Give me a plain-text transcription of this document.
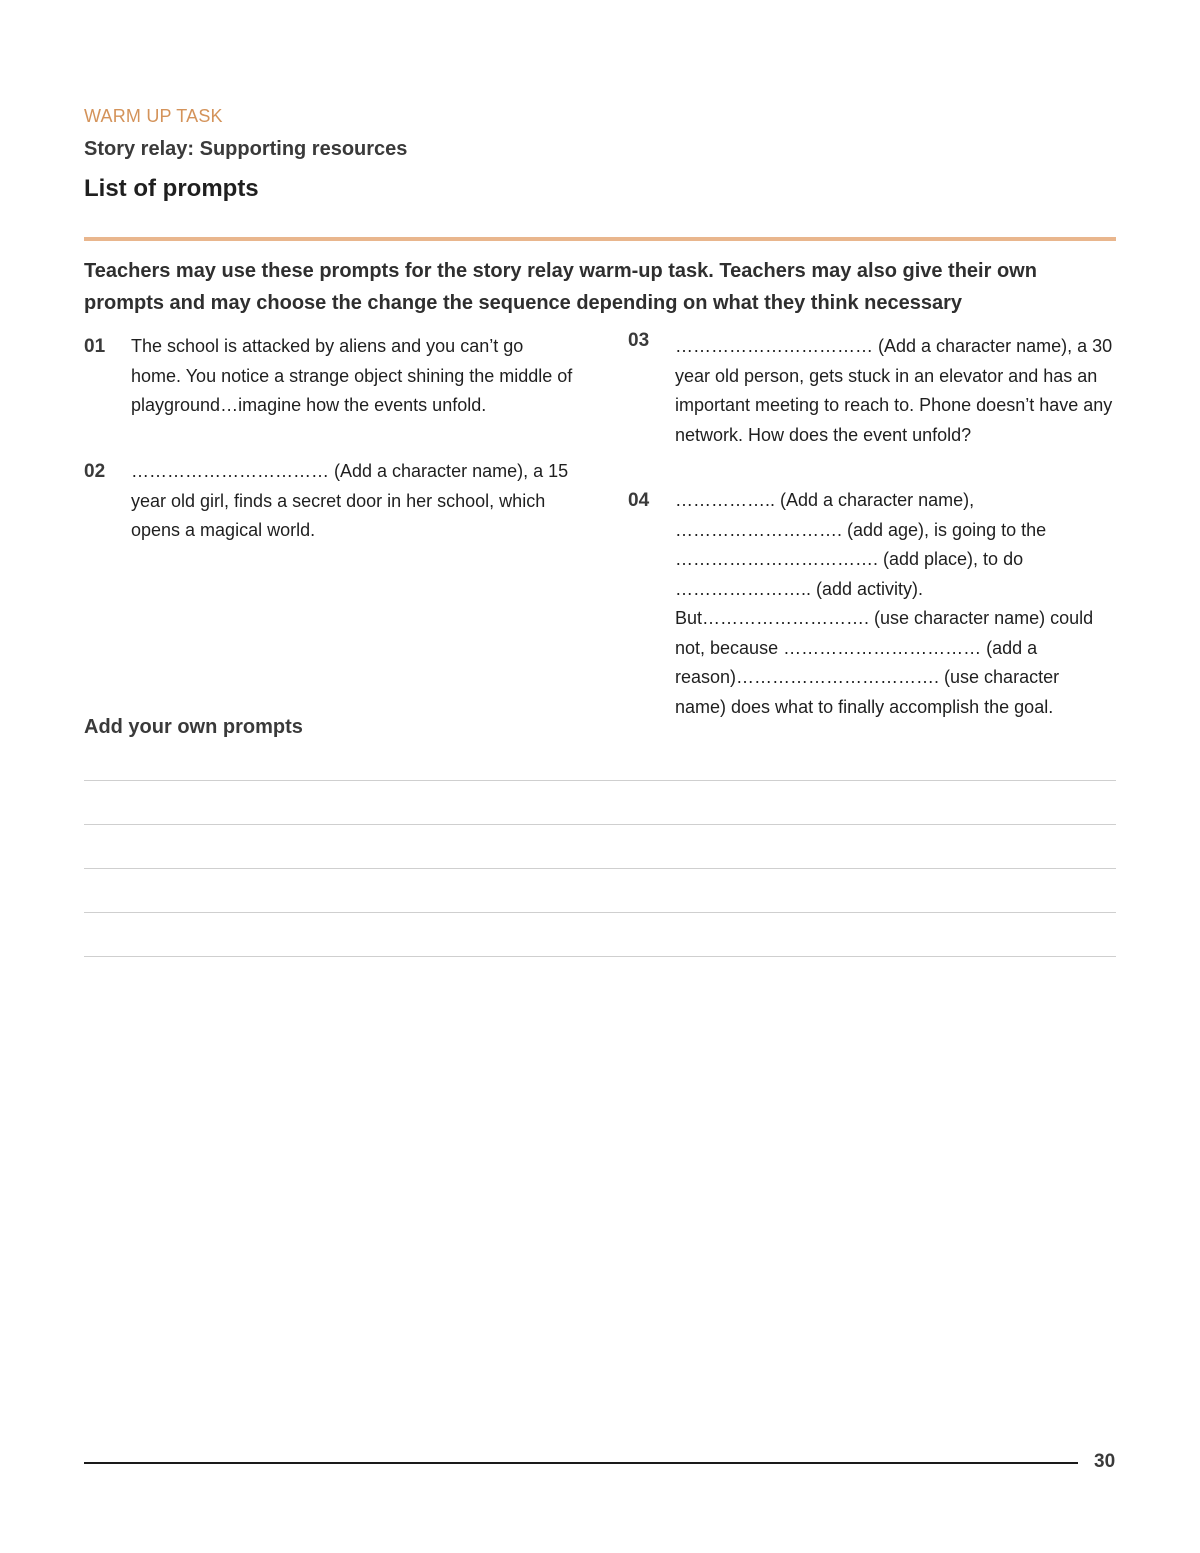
WARM UP TASK
Story relay: Supporting resources
List of prompts
Teachers may use these prompts for the story relay warm-up task. Teachers may also give their own prompts and may choose the change the sequence depending on what they think necessary
01	The school is attacked by aliens and you can’t go home. You notice a strange object shining the middle of playground…imagine how the events unfold.
02	…………………………… (Add a character name), a 15 year old girl, finds a secret door in her school, which opens a magical world.
03	…………………………… (Add a character name), a 30 year old person, gets stuck in an elevator and has an important meeting to reach to. Phone doesn’t have any network. How does the event unfold?
04	…………….. (Add a character name), ………………………. (add age), is going to the ……………………………. (add place), to do ………………….. (add activity). But………………………. (use character name) could not, because …………………………… (add a reason)……………………………. (use character name) does what to finally accomplish the goal.
Add your own prompts
30
